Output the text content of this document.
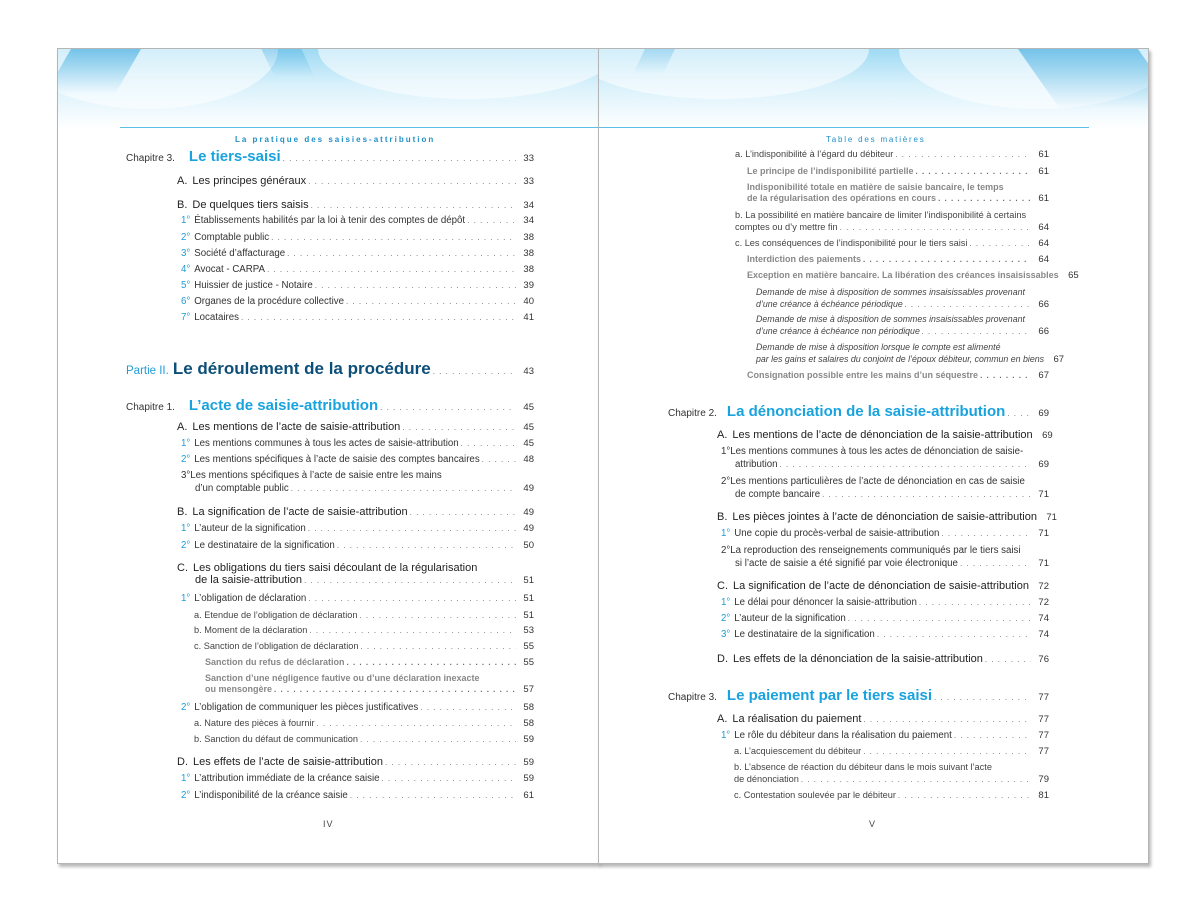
La pratique des saisies-attribution
Chapitre 3. Le tiers-saisi . . .	33
A. Les principes généraux . . .	33
B. De quelques tiers saisis . . .	34
1° Établissements habilités par la loi à tenir des comptes de dépôt . . .	34
2° Comptable public . . .	38
3° Société d’affacturage . . .	38
4° Avocat - CARPA . . .	38
5° Huissier de justice - Notaire . . .	39
6° Organes de la procédure collective . . .	40
7° Locataires . . .	41
Partie II. Le déroulement de la procédure . . .	43
Chapitre 1. L’acte de saisie-attribution . . .	45
A. Les mentions de l’acte de saisie-attribution . . .	45
1° Les mentions communes à tous les actes de saisie-attribution . . .	45
2° Les mentions spécifiques à l’acte de saisie des comptes bancaires . . .	48
3°Les mentions spécifiques à l’acte de saisie entre les mains
d’un comptable public . . .	49
B. La signification de l’acte de saisie-attribution . . .	49
1° L’auteur de la signification . . .	49
2° Le destinataire de la signification . . .	50
C. Les obligations du tiers saisi découlant de la régularisation
de la saisie-attribution . . .	51
1° L’obligation de déclaration . . .	51
a. Etendue de l’obligation de déclaration . . .	51
b. Moment de la déclaration . . .	53
c. Sanction de l’obligation de déclaration . . .	55
Sanction du refus de déclaration . . .	55
Sanction d’une négligence fautive ou d’une déclaration inexacte
ou mensongère . . .	57
2° L’obligation de communiquer les pièces justificatives . . .	58
a. Nature des pièces à fournir . . .	58
b. Sanction du défaut de communication . . .	59
D. Les effets de l’acte de saisie-attribution . . .	59
1° L’attribution immédiate de la créance saisie . . .	59
2° L’indisponibilité de la créance saisie . . .	61
IV
Table des matières
a. L’indisponibilité à l’égard du débiteur . . .	61
Le principe de l’indisponibilité partielle . . .	61
Indisponibilité totale en matière de saisie bancaire, le temps
de la régularisation des opérations en cours . . .	61
b. La possibilité en matière bancaire de limiter l’indisponibilité à certains
comptes ou d’y mettre fin . . .	64
c. Les conséquences de l’indisponibilité pour le tiers saisi . . .	64
Interdiction des paiements . . .	64
Exception en matière bancaire. La libération des créances insaisissables 65
Demande de mise à disposition de sommes insaisissables provenant
d’une créance à échéance périodique . . .	66
Demande de mise à disposition de sommes insaisissables provenant
d’une créance à échéance non périodique . . .	66
Demande de mise à disposition lorsque le compte est alimenté
par les gains et salaires du conjoint de l’époux débiteur, commun en biens 67
Consignation possible entre les mains d’un séquestre . . .	67
Chapitre 2. La dénonciation de la saisie-attribution . . .	69
A. Les mentions de l’acte de dénonciation de la saisie-attribution 69
1°Les mentions communes à tous les actes de dénonciation de saisie-
attribution . . .	69
2°Les mentions particulières de l’acte de dénonciation en cas de saisie
de compte bancaire . . .	71
B. Les pièces jointes à l’acte de dénonciation de saisie-attribution 71
1° Une copie du procès-verbal de saisie-attribution . . .	71
2°La reproduction des renseignements communiqués par le tiers saisi
si l’acte de saisie a été signifié par voie électronique . . .	71
C. La signification de l’acte de dénonciation de saisie-attribution . . . 72
1° Le délai pour dénoncer la saisie-attribution . . .	72
2° L’auteur de la signification . . .	74
3° Le destinataire de la signification . . .	74
D. Les effets de la dénonciation de la saisie-attribution . . .	76
Chapitre 3. Le paiement par le tiers saisi . . .	77
A. La réalisation du paiement . . .	77
1° Le rôle du débiteur dans la réalisation du paiement . . .	77
a. L’acquiescement du débiteur . . .	77
b. L’absence de réaction du débiteur dans le mois suivant l’acte
de dénonciation . . .	79
c. Contestation soulevée par le débiteur . . .	81
V
